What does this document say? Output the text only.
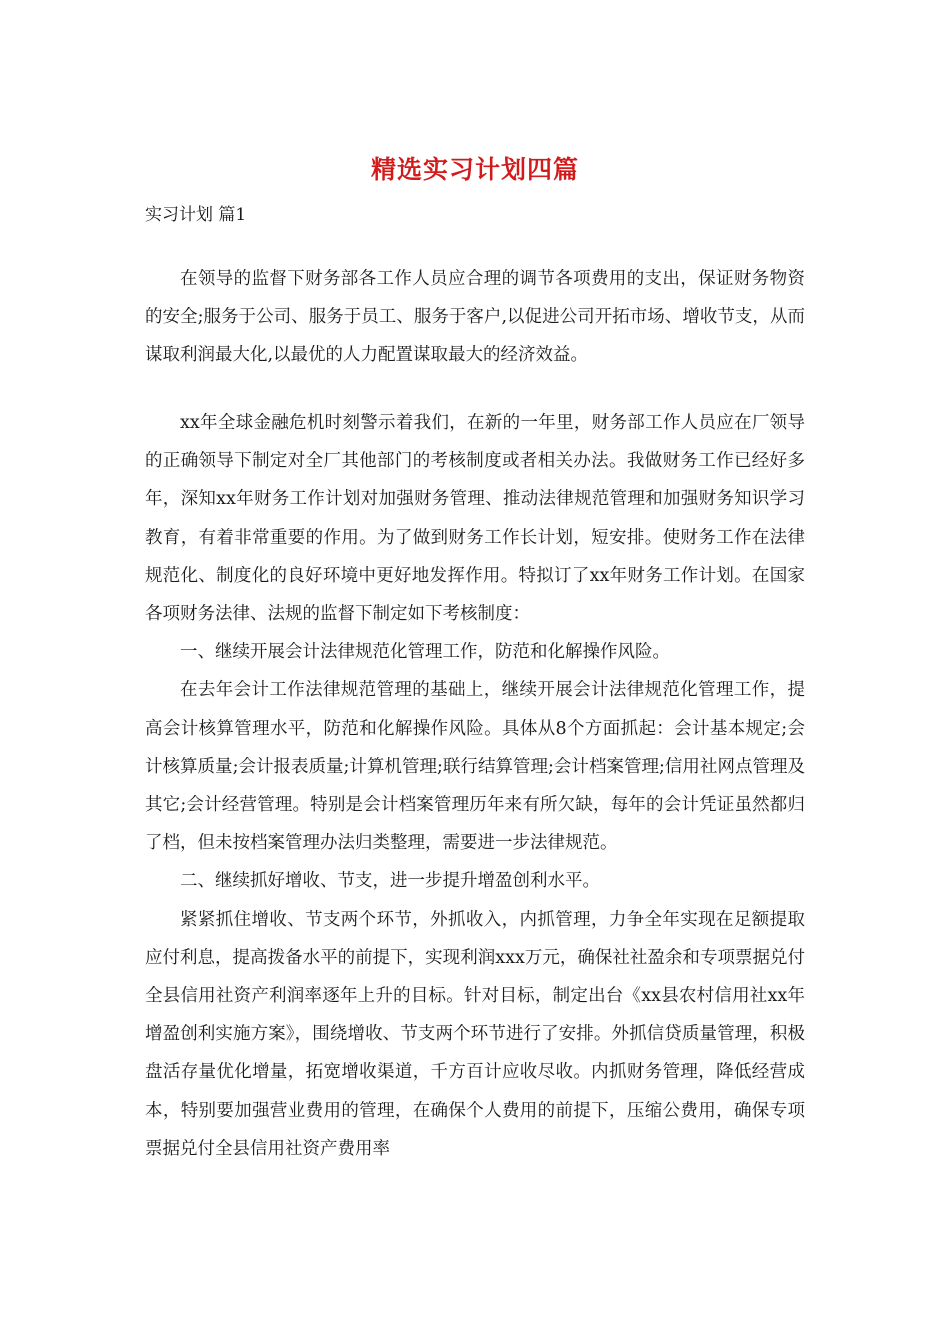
精选实习计划四篇
实习计划 篇1

在领导的监督下财务部各工作人员应合理的调节各项费用的支出，保证财务物资的安全;服务于公司、服务于员工、服务于客户,以促进公司开拓市场、增收节支，从而谋取利润最大化,以最优的人力配置谋取最大的经济效益。

xx年全球金融危机时刻警示着我们，在新的一年里，财务部工作人员应在厂领导的正确领导下制定对全厂其他部门的考核制度或者相关办法。我做财务工作已经好多年，深知xx年财务工作计划对加强财务管理、推动法律规范管理和加强财务知识学习教育，有着非常重要的作用。为了做到财务工作长计划，短安排。使财务工作在法律规范化、制度化的良好环境中更好地发挥作用。特拟订了xx年财务工作计划。在国家各项财务法律、法规的监督下制定如下考核制度：

一、继续开展会计法律规范化管理工作，防范和化解操作风险。

在去年会计工作法律规范管理的基础上，继续开展会计法律规范化管理工作，提高会计核算管理水平，防范和化解操作风险。具体从8个方面抓起：会计基本规定;会计核算质量;会计报表质量;计算机管理;联行结算管理;会计档案管理;信用社网点管理及其它;会计经营管理。特别是会计档案管理历年来有所欠缺，每年的会计凭证虽然都归了档，但未按档案管理办法归类整理，需要进一步法律规范。

二、继续抓好增收、节支，进一步提升增盈创利水平。

紧紧抓住增收、节支两个环节，外抓收入，内抓管理，力争全年实现在足额提取应付利息，提高拨备水平的前提下，实现利润xxx万元，确保社社盈余和专项票据兑付全县信用社资产利润率逐年上升的目标。针对目标，制定出台《xx县农村信用社xx年增盈创利实施方案》，围绕增收、节支两个环节进行了安排。外抓信贷质量管理，积极盘活存量优化增量，拓宽增收渠道，千方百计应收尽收。内抓财务管理，降低经营成本，特别要加强营业费用的管理，在确保个人费用的前提下，压缩公费用，确保专项票据兑付全县信用社资产费用率
